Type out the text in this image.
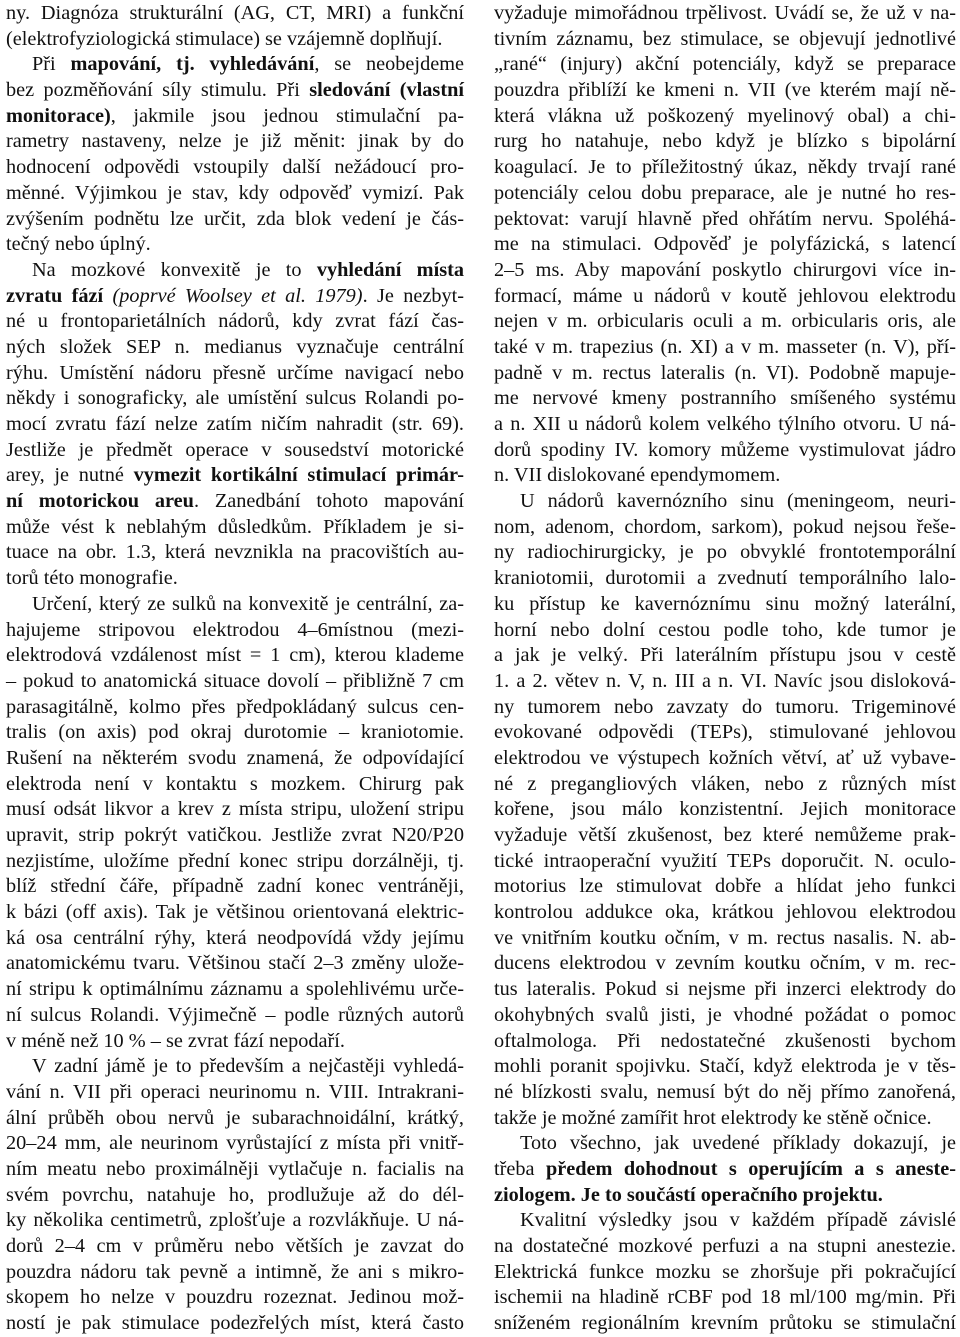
ny. Diagnóza strukturální (AG, CT, MRI) a funkční
(elektrofyziologická stimulace) se vzájemně doplňují.
Při mapování, tj. vyhledávání, se neobejdeme
bez pozměňování síly stimulu. Při sledování (vlastní
monitorace), jakmile jsou jednou stimulační pa-
rametry nastaveny, nelze je již měnit: jinak by do
hodnocení odpovědi vstoupily další nežádoucí pro-
měnné. Výjimkou je stav, kdy odpověď vymizí. Pak
zvýšením podnětu lze určit, zda blok vedení je čás-
tečný nebo úplný.
Na mozkové konvexitě je to vyhledání místa
zvratu fází (poprvé Woolsey et al. 1979). Je nezbyt-
né u frontoparietálních nádorů, kdy zvrat fází čas-
ných složek SEP n. medianus vyznačuje centrální
rýhu. Umístění nádoru přesně určíme navigací nebo
někdy i sonograficky, ale umístění sulcus Rolandi po-
mocí zvratu fází nelze zatím ničím nahradit (str. 69).
Jestliže je předmět operace v sousedství motorické
arey, je nutné vymezit kortikální stimulací primár-
ní motorickou areu. Zanedbání tohoto mapování
může vést k neblahým důsledkům. Příkladem je si-
tuace na obr. 1.3, která nevznikla na pracovištích au-
torů této monografie.
Určení, který ze sulků na konvexitě je centrální, za-
hajujeme stripovou elektrodou 4–6místnou (mezi-
elektrodová vzdálenost míst = 1 cm), kterou klademe
– pokud to anatomická situace dovolí – přibližně 7 cm
parasagitálně, kolmo přes předpokládaný sulcus cen-
tralis (on axis) pod okraj durotomie – kraniotomie.
Rušení na některém svodu znamená, že odpovídající
elektroda není v kontaktu s mozkem. Chirurg pak
musí odsát likvor a krev z místa stripu, uložení stripu
upravit, strip pokrýt vatičkou. Jestliže zvrat N20/P20
nezjistíme, uložíme přední konec stripu dorzálněji, tj.
blíž střední čáře, případně zadní konec ventráněji,
k bázi (off axis). Tak je většinou orientovaná elektric-
ká osa centrální rýhy, která neodpovídá vždy jejímu
anatomickému tvaru. Většinou stačí 2–3 změny ulože-
ní stripu k optimálnímu záznamu a spolehlivému urče-
ní sulcus Rolandi. Výjimečně – podle různých autorů
v méně než 10 % – se zvrat fází nepodaří.
V zadní jámě je to především a nejčastěji vyhledá-
vání n. VII při operaci neurinomu n. VIII. Intrakrani-
ální průběh obou nervů je subarachnoidální, krátký,
20–24 mm, ale neurinom vyrůstající z místa při vnitř-
ním meatu nebo proximálněji vytlačuje n. facialis na
svém povrchu, natahuje ho, prodlužuje až do dél-
ky několika centimetrů, zplošťuje a rozvlákňuje. U ná-
dorů 2–4 cm v průměru nebo větších je zavzat do
pouzdra nádoru tak pevně a intimně, že ani s mikro-
skopem ho nelze v pouzdru rozeznat. Jedinou mož-
ností je pak stimulace podezřelých míst, která často
vyžaduje mimořádnou trpělivost. Uvádí se, že už v na-
tivním záznamu, bez stimulace, se objevují jednotlivé
„rané“ (injury) akční potenciály, když se preparace
pouzdra přiblíží ke kmeni n. VII (ve kterém mají ně-
která vlákna už poškozený myelinový obal) a chi-
rurg ho natahuje, nebo když je blízko s bipolární
koagulací. Je to příležitostný úkaz, někdy trvají rané
potenciály celou dobu preparace, ale je nutné ho res-
pektovat: varují hlavně před ohřátím nervu. Spoléhá-
me na stimulaci. Odpověď je polyfázická, s latencí
2–5 ms. Aby mapování poskytlo chirurgovi více in-
formací, máme u nádorů v koutě jehlovou elektrodu
nejen v m. orbicularis oculi a m. orbicularis oris, ale
také v m. trapezius (n. XI) a v m. masseter (n. V), pří-
padně v m. rectus lateralis (n. VI). Podobně mapuje-
me nervové kmeny postranního smíšeného systému
a n. XII u nádorů kolem velkého týlního otvoru. U ná-
dorů spodiny IV. komory můžeme vystimulovat jádro
n. VII dislokované ependymomem.
U nádorů kavernózního sinu (meningeom, neuri-
nom, adenom, chordom, sarkom), pokud nejsou řeše-
ny radiochirurgicky, je po obvyklé frontotemporální
kraniotomii, durotomii a zvednutí temporálního lalo-
ku přístup ke kavernóznímu sinu možný laterální,
horní nebo dolní cestou podle toho, kde tumor je
a jak je velký. Při laterálním přístupu jsou v cestě
1. a 2. větev n. V, n. III a n. VI. Navíc jsou disloková-
ny tumorem nebo zavzaty do tumoru. Trigeminové
evokované odpovědi (TEPs), stimulované jehlovou
elektrodou ve výstupech kožních větví, ať už vybave-
né z pregangliových vláken, nebo z různých míst
kořene, jsou málo konzistentní. Jejich monitorace
vyžaduje větší zkušenost, bez které nemůžeme prak-
tické intraoperační využití TEPs doporučit. N. oculo-
motorius lze stimulovat dobře a hlídat jeho funkci
kontrolou addukce oka, krátkou jehlovou elektrodou
ve vnitřním koutku očním, v m. rectus nasalis. N. ab-
ducens elektrodou v zevním koutku očním, v m. rec-
tus lateralis. Pokud si nejsme při inzerci elektrody do
okohybných svalů jisti, je vhodné požádat o pomoc
oftalmologa. Při nedostatečné zkušenosti bychom
mohli poranit spojivku. Stačí, když elektroda je v těs-
né blízkosti svalu, nemusí být do něj přímo zanořená,
takže je možné zamířit hrot elektrody ke stěně očnice.
Toto všechno, jak uvedené příklady dokazují, je
třeba předem dohodnout s operujícím a s aneste-
ziologem. Je to součástí operačního projektu.
Kvalitní výsledky jsou v každém případě závislé
na dostatečné mozkové perfuzi a na stupni anestezie.
Elektrická funkce mozku se zhoršuje při pokračující
ischemii na hladině rCBF pod 18 ml/100 mg/min. Při
sníženém regionálním krevním průtoku se stimulační
